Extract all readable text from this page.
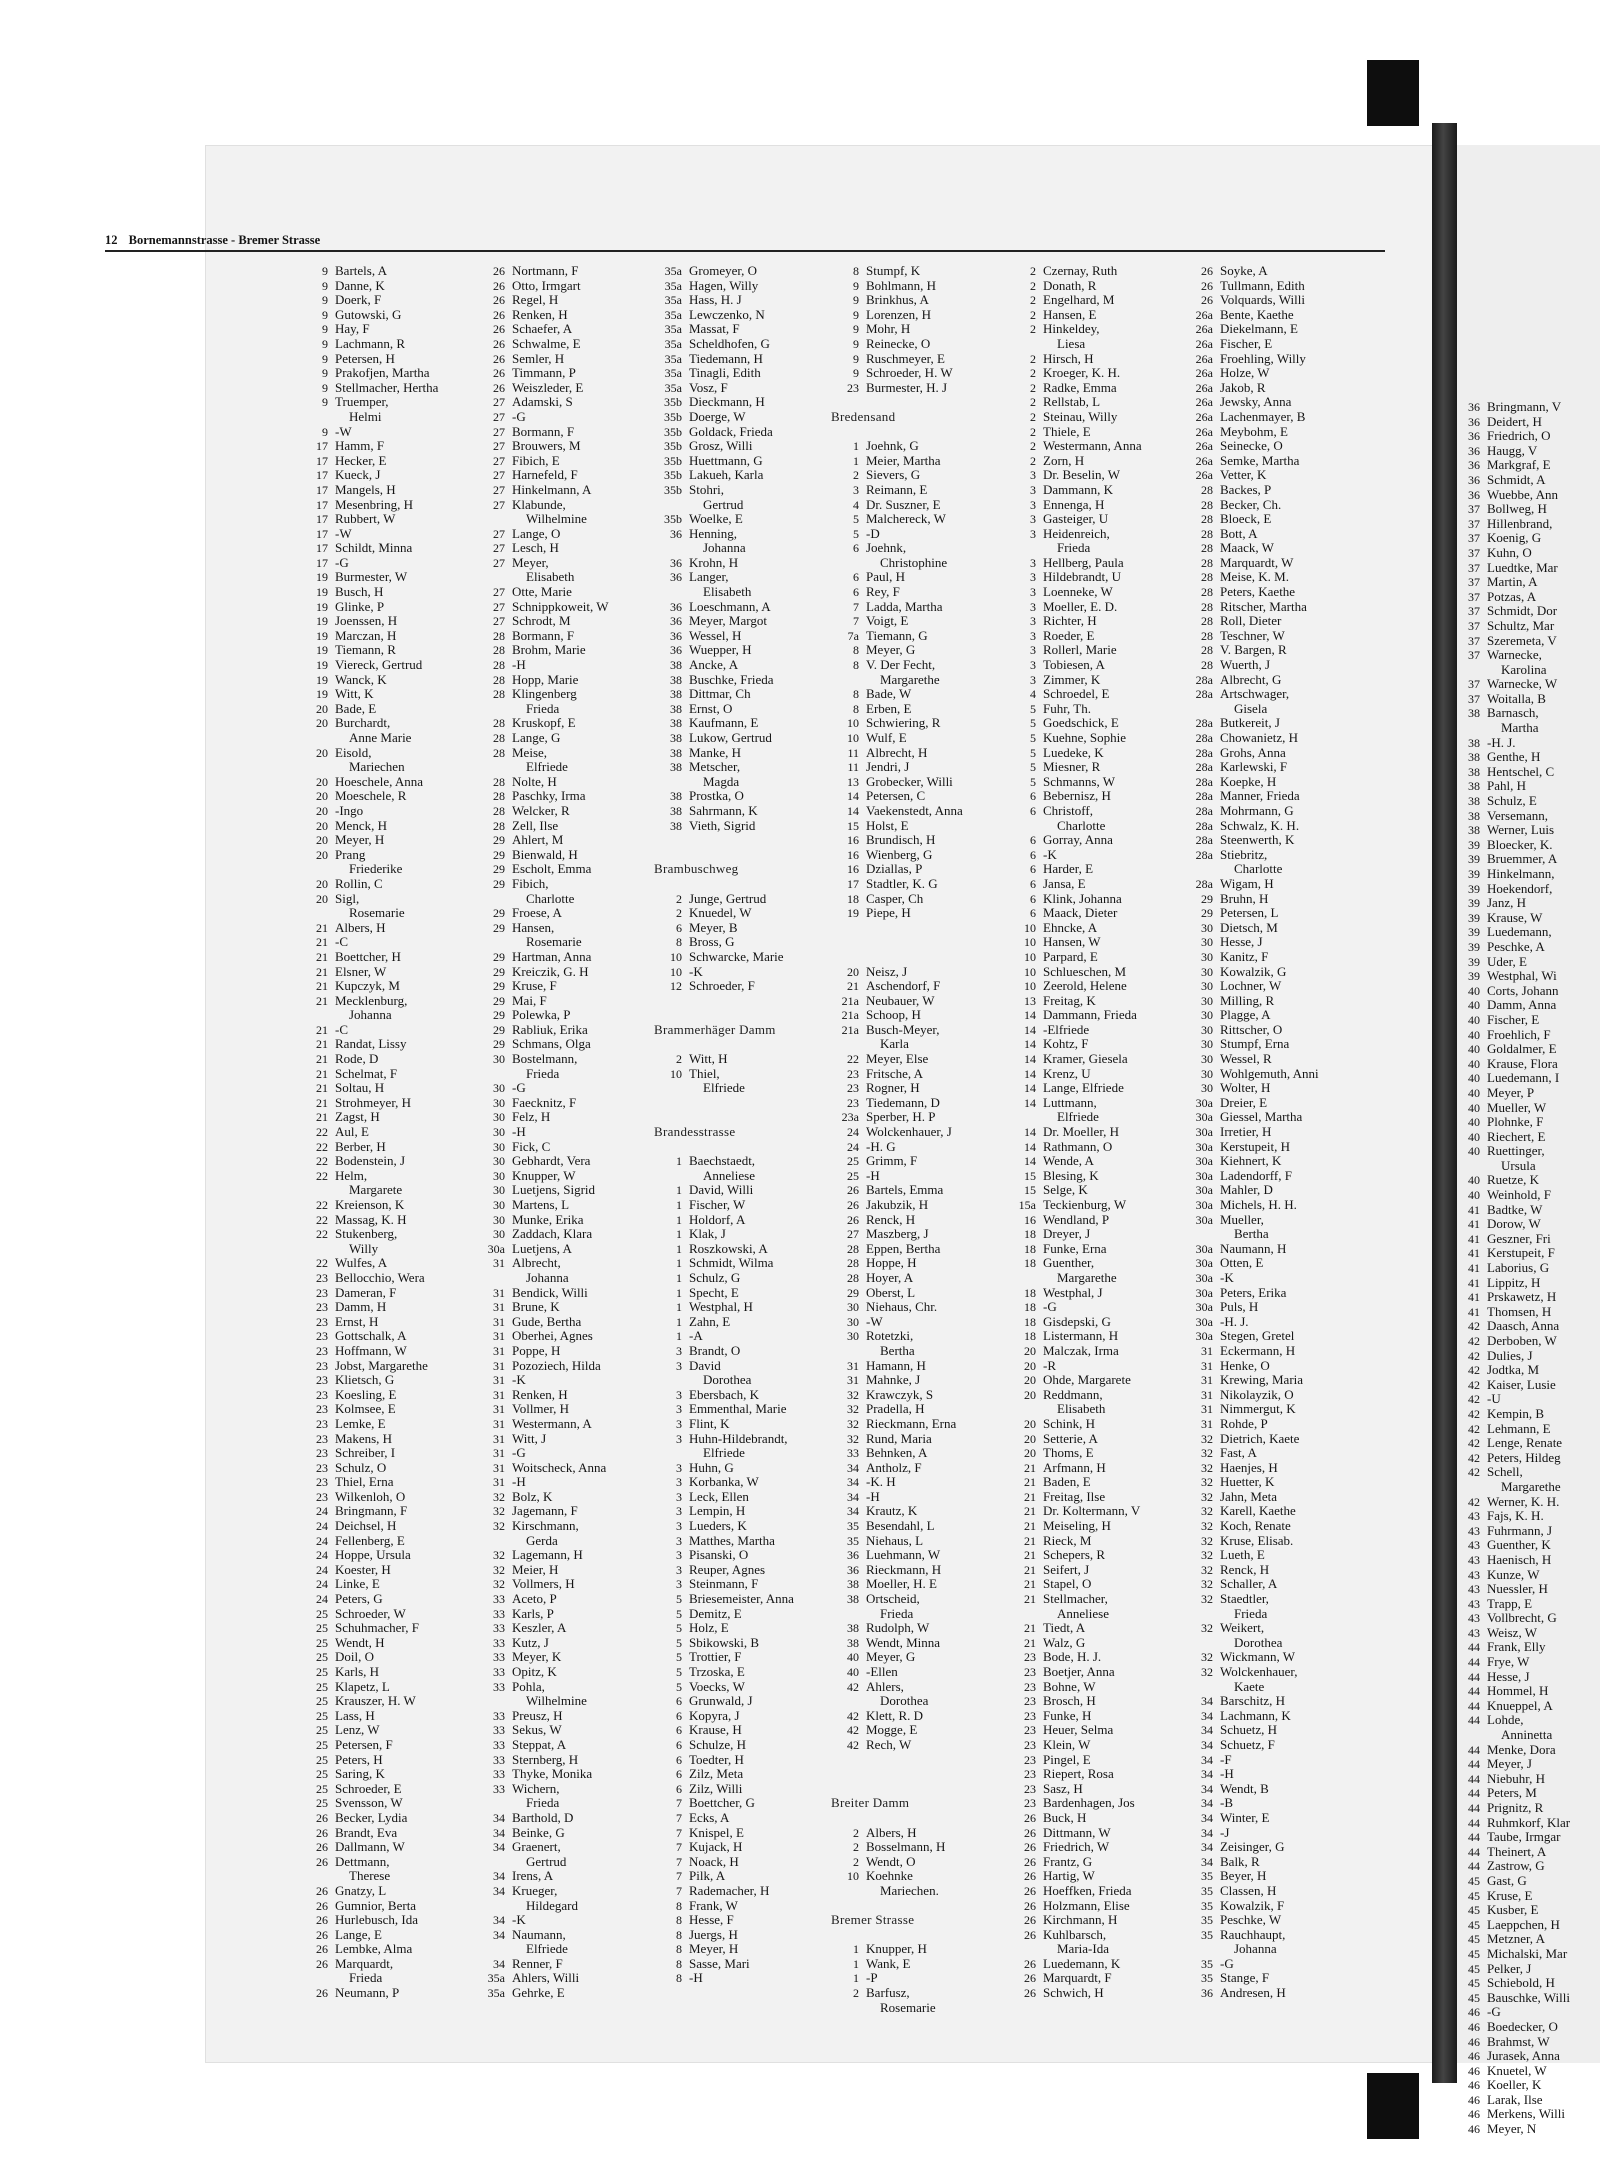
36 Bringmann, V
36 Deidert, H
36 Friedrich, O
36 Haugg, V
36 Markgraf, E
36 Schmidt, A
36 Wuebbe, Ann
37 Bollweg, H
37 Hillenbrand,
37 Koenig, G
37 Kuhn, O
37 Luedtke, Mar
37 Martin, A
37 Potzas, A
37 Schmidt, Dor
37 Schultz, Mar
37 Szeremeta, V
37 Warnecke,
Karolina
37 Warnecke, W
37 Woitalla, B
38 Barnasch,
Martha
38 -H. J.
38 Genthe, H
38 Hentschel, C
38 Pahl, H
38 Schulz, E
38 Versemann,
38 Werner, Luis
39 Bloecker, K.
39 Bruemmer, A
39 Hinkelmann,
39 Hoekendorf,
39 Janz, H
39 Krause, W
39 Luedemann,
39 Peschke, A
39 Uder, E
39 Westphal, Wi
40 Corts, Johann
40 Damm, Anna
40 Fischer, E
40 Froehlich, F
40 Goldalmer, E
40 Krause, Flora
40 Luedemann, I
40 Meyer, P
40 Mueller, W
40 Plohnke, F
40 Riechert, E
40 Ruettinger,
Ursula
40 Ruetze, K
40 Weinhold, F
41 Badtke, W
41 Dorow, W
41 Geszner, Fri
41 Kerstupeit, F
41 Laborius, G
41 Lippitz, H
41 Prskawetz, H
41 Thomsen, H
42 Daasch, Anna
42 Derboben, W
42 Dulies, J
42 Jodtka, M
42 Kaiser, Lusie
42 -U
42 Kempin, B
42 Lehmann, E
42 Lenge, Renate
42 Peters, Hildeg
42 Schell,
Margarethe
42 Werner, K. H.
43 Fajs, K. H.
43 Fuhrmann, J
43 Guenther, K
43 Haenisch, H
43 Kunze, W
43 Nuessler, H
43 Trapp, E
43 Vollbrecht, G
43 Weisz, W
44 Frank, Elly
44 Frye, W
44 Hesse, J
44 Hommel, H
44 Knueppel, A
44 Lohde,
Anninetta
44 Menke, Dora
44 Meyer, J
44 Niebuhr, H
44 Peters, M
44 Prignitz, R
44 Ruhmkorf, Klar
44 Taube, Irmgar
44 Theinert, A
44 Zastrow, G
45 Gast, G
45 Kruse, E
45 Kusber, E
45 Laeppchen, H
45 Metzner, A
45 Michalski, Mar
45 Pelker, J
45 Schiebold, H
45 Bauschke, Willi
46 -G
46 Boedecker, O
46 Brahmst, W
46 Jurasek, Anna
46 Knuetel, W
46 Koeller, K
46 Larak, Ilse
46 Merkens, Willi
46 Meyer, N
12 Bornemannstrasse - Bremer Strasse
9 Bartels, A
9 Danne, K
9 Doerk, F
9 Gutowski, G
9 Hay, F
9 Lachmann, R
9 Petersen, H
9 Prakofjen, Martha
9 Stellmacher, Hertha
9 Truemper,
Helmi
9 -W
17 Hamm, F
17 Hecker, E
17 Kueck, J
17 Mangels, H
17 Mesenbring, H
17 Rubbert, W
17 -W
17 Schildt, Minna
17 -G
19 Burmester, W
19 Busch, H
19 Glinke, P
19 Joenssen, H
19 Marczan, H
19 Tiemann, R
19 Viereck, Gertrud
19 Wanck, K
19 Witt, K
20 Bade, E
20 Burchardt,
Anne Marie
20 Eisold,
Mariechen
20 Hoeschele, Anna
20 Moeschele, R
20 -Ingo
20 Menck, H
20 Meyer, H
20 Prang
Friederike
20 Rollin, C
20 Sigl,
Rosemarie
21 Albers, H
21 -C
21 Boettcher, H
21 Elsner, W
21 Kupczyk, M
21 Mecklenburg,
Johanna
21 -C
21 Randat, Lissy
21 Rode, D
21 Schelmat, F
21 Soltau, H
21 Strohmeyer, H
21 Zagst, H
22 Aul, E
22 Berber, H
22 Bodenstein, J
22 Helm,
Margarete
22 Kreienson, K
22 Massag, K. H
22 Stukenberg,
Willy
22 Wulfes, A
23 Bellocchio, Wera
23 Dameran, F
23 Damm, H
23 Ernst, H
23 Gottschalk, A
23 Hoffmann, W
23 Jobst, Margarethe
23 Klietsch, G
23 Koesling, E
23 Kolmsee, E
23 Lemke, E
23 Makens, H
23 Schreiber, I
23 Schulz, O
23 Thiel, Erna
23 Wilkenloh, O
24 Bringmann, F
24 Deichsel, H
24 Fellenberg, E
24 Hoppe, Ursula
24 Koester, H
24 Linke, E
24 Peters, G
25 Schroeder, W
25 Schuhmacher, F
25 Wendt, H
25 Doil, O
25 Karls, H
25 Klapetz, L
25 Krauszer, H. W
25 Lass, H
25 Lenz, W
25 Petersen, F
25 Peters, H
25 Saring, K
25 Schroeder, E
25 Svensson, W
26 Becker, Lydia
26 Brandt, Eva
26 Dallmann, W
26 Dettmann,
Therese
26 Gnatzy, L
26 Gumnior, Berta
26 Hurlebusch, Ida
26 Lange, E
26 Lembke, Alma
26 Marquardt,
Frieda
26 Neumann, P
26 Nortmann, F
26 Otto, Irmgart
26 Regel, H
26 Renken, H
26 Schaefer, A
26 Schwalme, E
26 Semler, H
26 Timmann, P
26 Weiszleder, E
27 Adamski, S
27 -G
27 Bormann, F
27 Brouwers, M
27 Fibich, E
27 Harnefeld, F
27 Hinkelmann, A
27 Klabunde,
Wilhelmine
27 Lange, O
27 Lesch, H
27 Meyer,
Elisabeth
27 Otte, Marie
27 Schnippkoweit, W
27 Schrodt, M
28 Bormann, F
28 Brohm, Marie
28 -H
28 Hopp, Marie
28 Klingenberg
Frieda
28 Kruskopf, E
28 Lange, G
28 Meise,
Elfriede
28 Nolte, H
28 Paschky, Irma
28 Welcker, R
28 Zell, Ilse
29 Ahlert, M
29 Bienwald, H
29 Escholt, Emma
29 Fibich,
Charlotte
29 Froese, A
29 Hansen,
Rosemarie
29 Hartman, Anna
29 Kreiczik, G. H
29 Kruse, F
29 Mai, F
29 Polewka, P
29 Rabliuk, Erika
29 Schmans, Olga
30 Bostelmann,
Frieda
30 -G
30 Faecknitz, F
30 Felz, H
30 -H
30 Fick, C
30 Gebhardt, Vera
30 Knupper, W
30 Luetjens, Sigrid
30 Martens, L
30 Munke, Erika
30 Zaddach, Klara
30a Luetjens, A
31 Albrecht,
Johanna
31 Bendick, Willi
31 Brune, K
31 Gude, Bertha
31 Oberhei, Agnes
31 Poppe, H
31 Pozoziech, Hilda
31 -K
31 Renken, H
31 Vollmer, H
31 Westermann, A
31 Witt, J
31 -G
31 Woitscheck, Anna
31 -H
32 Bolz, K
32 Jagemann, F
32 Kirschmann,
Gerda
32 Lagemann, H
32 Meier, H
32 Vollmers, H
33 Aceto, P
33 Karls, P
33 Keszler, A
33 Kutz, J
33 Meyer, K
33 Opitz, K
33 Pohla,
Wilhelmine
33 Preusz, H
33 Sekus, W
33 Steppat, A
33 Sternberg, H
33 Thyke, Monika
33 Wichern,
Frieda
34 Barthold, D
34 Beinke, G
34 Graenert,
Gertrud
34 Irens, A
34 Krueger,
Hildegard
34 -K
34 Naumann,
Elfriede
34 Renner, F
35a Ahlers, Willi
35a Gehrke, E
35a Gromeyer, O
35a Hagen, Willy
35a Hass, H. J
35a Lewczenko, N
35a Massat, F
35a Scheldhofen, G
35a Tiedemann, H
35a Tinagli, Edith
35a Vosz, F
35b Dieckmann, H
35b Doerge, W
35b Goldack, Frieda
35b Grosz, Willi
35b Huettmann, G
35b Lakueh, Karla
35b Stohri,
Gertrud
35b Woelke, E
36 Henning,
Johanna
36 Krohn, H
36 Langer,
Elisabeth
36 Loeschmann, A
36 Meyer, Margot
36 Wessel, H
36 Wuepper, H
38 Ancke, A
38 Buschke, Frieda
38 Dittmar, Ch
38 Ernst, O
38 Kaufmann, E
38 Lukow, Gertrud
38 Manke, H
38 Metscher,
Magda
38 Prostka, O
38 Sahrmann, K
38 Vieth, Sigrid
Brambuschweg
2 Junge, Gertrud
2 Knuedel, W
6 Meyer, B
8 Bross, G
10 Schwarcke, Marie
10 -K
12 Schroeder, F
Brammerhäger Damm
2 Witt, H
10 Thiel,
Elfriede
Brandesstrasse
1 Baechstaedt,
Anneliese
1 David, Willi
1 Fischer, W
1 Holdorf, A
1 Klak, J
1 Roszkowski, A
1 Schmidt, Wilma
1 Schulz, G
1 Specht, E
1 Westphal, H
1 Zahn, E
1 -A
3 Brandt, O
3 David
Dorothea
3 Ebersbach, K
3 Emmenthal, Marie
3 Flint, K
3 Huhn-Hildebrandt,
Elfriede
3 Huhn, G
3 Korbanka, W
3 Leck, Ellen
3 Lempin, H
3 Lueders, K
3 Matthes, Martha
3 Pisanski, O
3 Reuper, Agnes
3 Steinmann, F
5 Briesemeister, Anna
5 Demitz, E
5 Holz, E
5 Sbikowski, B
5 Trottier, F
5 Trzoska, E
5 Voecks, W
6 Grunwald, J
6 Kopyra, J
6 Krause, H
6 Schulze, H
6 Toedter, H
6 Zilz, Meta
6 Zilz, Willi
7 Boettcher, G
7 Ecks, A
7 Knispel, E
7 Kujack, H
7 Noack, H
7 Pilk, A
7 Rademacher, H
8 Frank, W
8 Hesse, F
8 Juergs, H
8 Meyer, H
8 Sasse, Mari
8 -H
8 Stumpf, K
9 Bohlmann, H
9 Brinkhus, A
9 Lorenzen, H
9 Mohr, H
9 Reinecke, O
9 Ruschmeyer, E
9 Schroeder, H. W
23 Burmester, H. J
Bredensand
1 Joehnk, G
1 Meier, Martha
2 Sievers, G
3 Reimann, E
4 Dr. Suszner, E
5 Malchereck, W
5 -D
6 Joehnk,
Christophine
6 Paul, H
6 Rey, F
7 Ladda, Martha
7 Voigt, E
7a Tiemann, G
8 Meyer, G
8 V. Der Fecht,
Margarethe
8 Bade, W
8 Erben, E
10 Schwiering, R
10 Wulf, E
11 Albrecht, H
11 Jendri, J
13 Grobecker, Willi
14 Petersen, C
14 Vaekenstedt, Anna
15 Holst, E
16 Brundisch, H
16 Wienberg, G
16 Dziallas, P
17 Stadtler, K. G
18 Casper, Ch
19 Piepe, H
20 Neisz, J
21 Aschendorf, F
21a Neubauer, W
21a Schoop, H
21a Busch-Meyer,
Karla
22 Meyer, Else
23 Fritsche, A
23 Rogner, H
23 Tiedemann, D
23a Sperber, H. P
24 Wolckenhauer, J
24 -H. G
25 Grimm, F
25 -H
26 Bartels, Emma
26 Jakubzik, H
26 Renck, H
27 Maszberg, J
28 Eppen, Bertha
28 Hoppe, H
28 Hoyer, A
29 Oberst, L
30 Niehaus, Chr.
30 -W
30 Rotetzki,
Bertha
31 Hamann, H
31 Mahnke, J
32 Krawczyk, S
32 Pradella, H
32 Rieckmann, Erna
32 Rund, Maria
33 Behnken, A
34 Antholz, F
34 -K. H
34 -H
34 Krautz, K
35 Besendahl, L
35 Niehaus, L
36 Luehmann, W
36 Rieckmann, H
38 Moeller, H. E
38 Ortscheid,
Frieda
38 Rudolph, W
38 Wendt, Minna
40 Meyer, G
40 -Ellen
42 Ahlers,
Dorothea
42 Klett, R. D
42 Mogge, E
42 Rech, W
Breiter Damm
2 Albers, H
2 Bosselmann, H
2 Wendt, O
10 Koehnke
Mariechen.
Bremer Strasse
1 Knupper, H
1 Wank, E
1 -P
2 Barfusz,
Rosemarie
2 Czernay, Ruth
2 Donath, R
2 Engelhard, M
2 Hansen, E
2 Hinkeldey,
Liesa
2 Hirsch, H
2 Kroeger, K. H.
2 Radke, Emma
2 Rellstab, L
2 Steinau, Willy
2 Thiele, E
2 Westermann, Anna
2 Zorn, H
3 Dr. Beselin, W
3 Dammann, K
3 Ennenga, H
3 Gasteiger, U
3 Heidenreich,
Frieda
3 Hellberg, Paula
3 Hildebrandt, U
3 Loenneke, W
3 Moeller, E. D.
3 Richter, H
3 Roeder, E
3 Rollerl, Marie
3 Tobiesen, A
3 Zimmer, K
4 Schroedel, E
5 Fuhr, Th.
5 Goedschick, E
5 Kuehne, Sophie
5 Luedeke, K
5 Miesner, R
5 Schmanns, W
6 Bebernisz, H
6 Christoff,
Charlotte
6 Gorray, Anna
6 -K
6 Harder, E
6 Jansa, E
6 Klink, Johanna
6 Maack, Dieter
10 Ehncke, A
10 Hansen, W
10 Parpard, E
10 Schlueschen, M
10 Zeerold, Helene
13 Freitag, K
14 Dammann, Frieda
14 -Elfriede
14 Kohtz, F
14 Kramer, Giesela
14 Krenz, U
14 Lange, Elfriede
14 Luttmann,
Elfriede
14 Dr. Moeller, H
14 Rathmann, O
14 Wende, A
15 Blesing, K
15 Selge, K
15a Teckienburg, W
16 Wendland, P
18 Dreyer, J
18 Funke, Erna
18 Guenther,
Margarethe
18 Westphal, J
18 -G
18 Gisdepski, G
18 Listermann, H
20 Malczak, Irma
20 -R
20 Ohde, Margarete
20 Reddmann,
Elisabeth
20 Schink, H
20 Setterie, A
20 Thoms, E
21 Arfmann, H
21 Baden, E
21 Freitag, Ilse
21 Dr. Koltermann, V
21 Meiseling, H
21 Rieck, M
21 Schepers, R
21 Seifert, J
21 Stapel, O
21 Stellmacher,
Anneliese
21 Tiedt, A
21 Walz, G
23 Bode, H. J.
23 Boetjer, Anna
23 Bohne, W
23 Brosch, H
23 Funke, H
23 Heuer, Selma
23 Klein, W
23 Pingel, E
23 Riepert, Rosa
23 Sasz, H
23 Bardenhagen, Jos
26 Buck, H
26 Dittmann, W
26 Friedrich, W
26 Frantz, G
26 Hartig, W
26 Hoeffken, Frieda
26 Holzmann, Elise
26 Kirchmann, H
26 Kuhlbarsch,
Maria-Ida
26 Luedemann, K
26 Marquardt, F
26 Schwich, H
26 Soyke, A
26 Tullmann, Edith
26 Volquards, Willi
26a Bente, Kaethe
26a Diekelmann, E
26a Fischer, E
26a Froehling, Willy
26a Holze, W
26a Jakob, R
26a Jewsky, Anna
26a Lachenmayer, B
26a Meybohm, E
26a Seinecke, O
26a Semke, Martha
26a Vetter, K
28 Backes, P
28 Becker, Ch.
28 Bloeck, E
28 Bott, A
28 Maack, W
28 Marquardt, W
28 Meise, K. M.
28 Peters, Kaethe
28 Ritscher, Martha
28 Roll, Dieter
28 Teschner, W
28 V. Bargen, R
28 Wuerth, J
28a Albrecht, G
28a Artschwager,
Gisela
28a Butkereit, J
28a Chowanietz, H
28a Grohs, Anna
28a Karlewski, F
28a Koepke, H
28a Manner, Frieda
28a Mohrmann, G
28a Schwalz, K. H.
28a Steenwerth, K
28a Stiebritz,
Charlotte
28a Wigam, H
29 Bruhn, H
29 Petersen, L
30 Dietsch, M
30 Hesse, J
30 Kanitz, F
30 Kowalzik, G
30 Lochner, W
30 Milling, R
30 Plagge, A
30 Rittscher, O
30 Stumpf, Erna
30 Wessel, R
30 Wohlgemuth, Anni
30 Wolter, H
30a Dreier, E
30a Giessel, Martha
30a Irretier, H
30a Kerstupeit, H
30a Kiehnert, K
30a Ladendorff, F
30a Mahler, D
30a Michels, H. H.
30a Mueller,
Bertha
30a Naumann, H
30a Otten, E
30a -K
30a Peters, Erika
30a Puls, H
30a -H. J.
30a Stegen, Gretel
31 Eckermann, H
31 Henke, O
31 Krewing, Maria
31 Nikolayzik, O
31 Nimmergut, K
31 Rohde, P
32 Dietrich, Kaete
32 Fast, A
32 Haenjes, H
32 Huetter, K
32 Jahn, Meta
32 Karell, Kaethe
32 Koch, Renate
32 Kruse, Elisab.
32 Lueth, E
32 Renck, H
32 Schaller, A
32 Staedtler,
Frieda
32 Weikert,
Dorothea
32 Wickmann, W
32 Wolckenhauer,
Kaete
34 Barschitz, H
34 Lachmann, K
34 Schuetz, H
34 Schuetz, F
34 -F
34 -H
34 Wendt, B
34 -B
34 Winter, E
34 -J
34 Zeisinger, G
34 Balk, R
35 Beyer, H
35 Classen, H
35 Kowalzik, F
35 Peschke, W
35 Rauchhaupt,
Johanna
35 -G
35 Stange, F
36 Andresen, H
